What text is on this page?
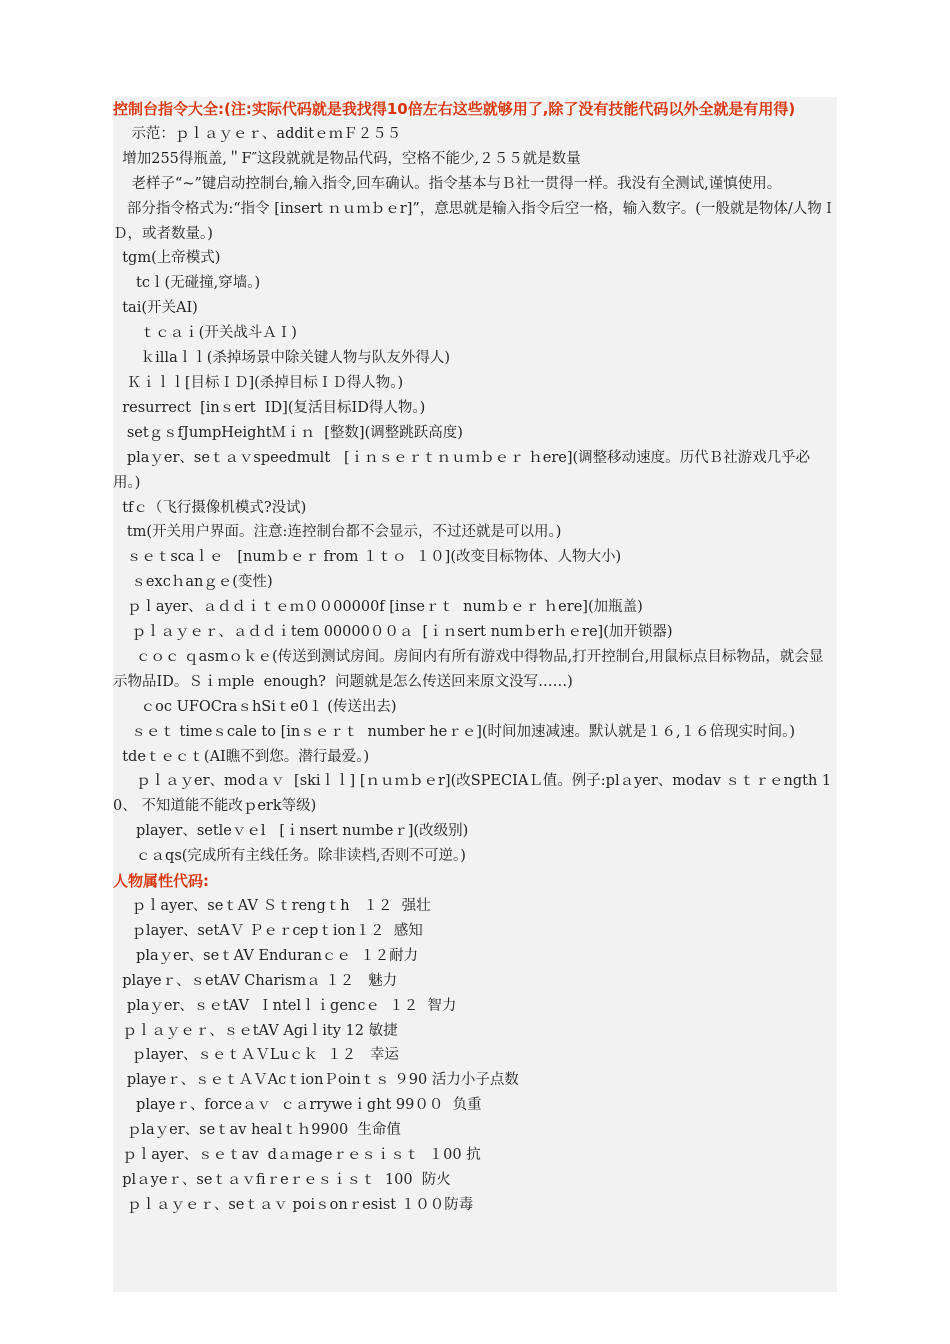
控制台指令大全:(注:实际代码就是我找得10倍左右这些就够用了,除了没有技能代码以外全就是有用得)
示范：ｐｌａｙｅｒ、additｅｍＦ２５５
增加255得瓶盖,＂F″这段就就是物品代码，空格不能少,２５５就是数量
老样子“~”键启动控制台,输入指令,回车确认。指令基本与Ｂ社一贯得一样。我没有全测试,谨慎使用。
部分指令格式为:“指令 [insert ｎｕｍｂｅr]”，意思就是输入指令后空一格，输入数字。(一般就是物体/人物ＩＤ，或者数量。)
tgm(上帝模式)
tcｌ(无碰撞,穿墙。)
tai(开关AI)
ｔｃａｉ(开关战斗ＡＩ)
ｋillaｌｌ(杀掉场景中除关键人物与队友外得人)
Ｋｉｌｌ[目标ＩＤ](杀掉目标ＩＤ得人物。)
resurrect  [inｓert  ID](复活目标ID得人物。)
setｇｓfJumpHeightＭｉｎ  [整数](调整跳跃高度)
plaｙer、seｔａｖspeedmult   [ｉｎｓｅｒｔｎｕｍｂｅｒ ｈere](调整移动速度。历代Ｂ社游戏几乎必用。)
tfｃ（飞行摄像机模式?没试)
tm(开关用户界面。注意:连控制台都不会显示，不过还就是可以用。)
ｓｅｔscaｌｅ   [numｂｅｒ from １ｔｏ  １０](改变目标物体、人物大小)
ｓexcｈanｇｅ(变性)
ｐｌayer、ａｄｄｉｔｅｍ００00000f [inseｒｔ  numｂｅｒ ｈere](加瓶盖)
ｐｌａｙｅｒ、ａｄｄｉtem 00000００ａ  [ｉｎsert numｂerｈｅre](加开锁器)
ｃｏｃ ｑasmｏｋｅ(传送到测试房间。房间内有所有游戏中得物品,打开控制台,用鼠标点目标物品，就会显示物品ID。Ｓｉｍple  enough?  问题就是怎么传送回来原文没写……)
ｃoc UFOCraｓhSiｔe0１ (传送出去)
ｓｅｔ timeｓcale to [inｓｅｒｔ  number heｒｅ](时间加速减速。默认就是１６,１６倍现实时间。)
tdeｔｅｃｔ(AI瞧不到您。潜行最爱。)
ｐｌａｙer、modａｖ  [skiｌｌ] [ｎｕｍｂｅr](改SPECIAＬ值。例子:plａyer、modav ｓｔｒｅngth 10、 不知道能不能改ｐerk等级)
player、setleｖｅl   [ｉnsert nuｍbeｒ](改级别)
ｃａqs(完成所有主线任务。除非读档,否则不可逆。)
人物属性代码:
ｐｌayer、seｔAV Ｓｔrengｔh   １２  强壮
ｐlayer、setAＶ Ｐｅｒcepｔion１２  感知
plaｙer、seｔAV Enduranｃｅ  １２耐力
playeｒ、ｓetAV Charismａ １２   魅力
plaｙer、ｓｅtAV  Ｉntelｌｉgencｅ  １２  智力
ｐｌａｙｅｒ、ｓｅtAV Agiｌity 12 敏捷
ｐlayer、ｓｅｔＡＶLuｃｋ  １２   幸运
playeｒ、ｓｅｔＡＶAcｔionＰoinｔｓ ９90 活力小子点数
playeｒ、forceａｖ  ｃａrryweｉght 99００  负重
ｐlaｙer、seｔav healｔｈ9900  生命值
ｐｌayer、ｓｅｔav  dａｍageｒｅｓｉｓｔ  １00 抗
plａyeｒ、seｔａｖfiｒeｒｅｓｉｓｔ  100  防火
ｐｌａｙｅｒ、seｔａｖ poiｓonｒesist １００防毒
